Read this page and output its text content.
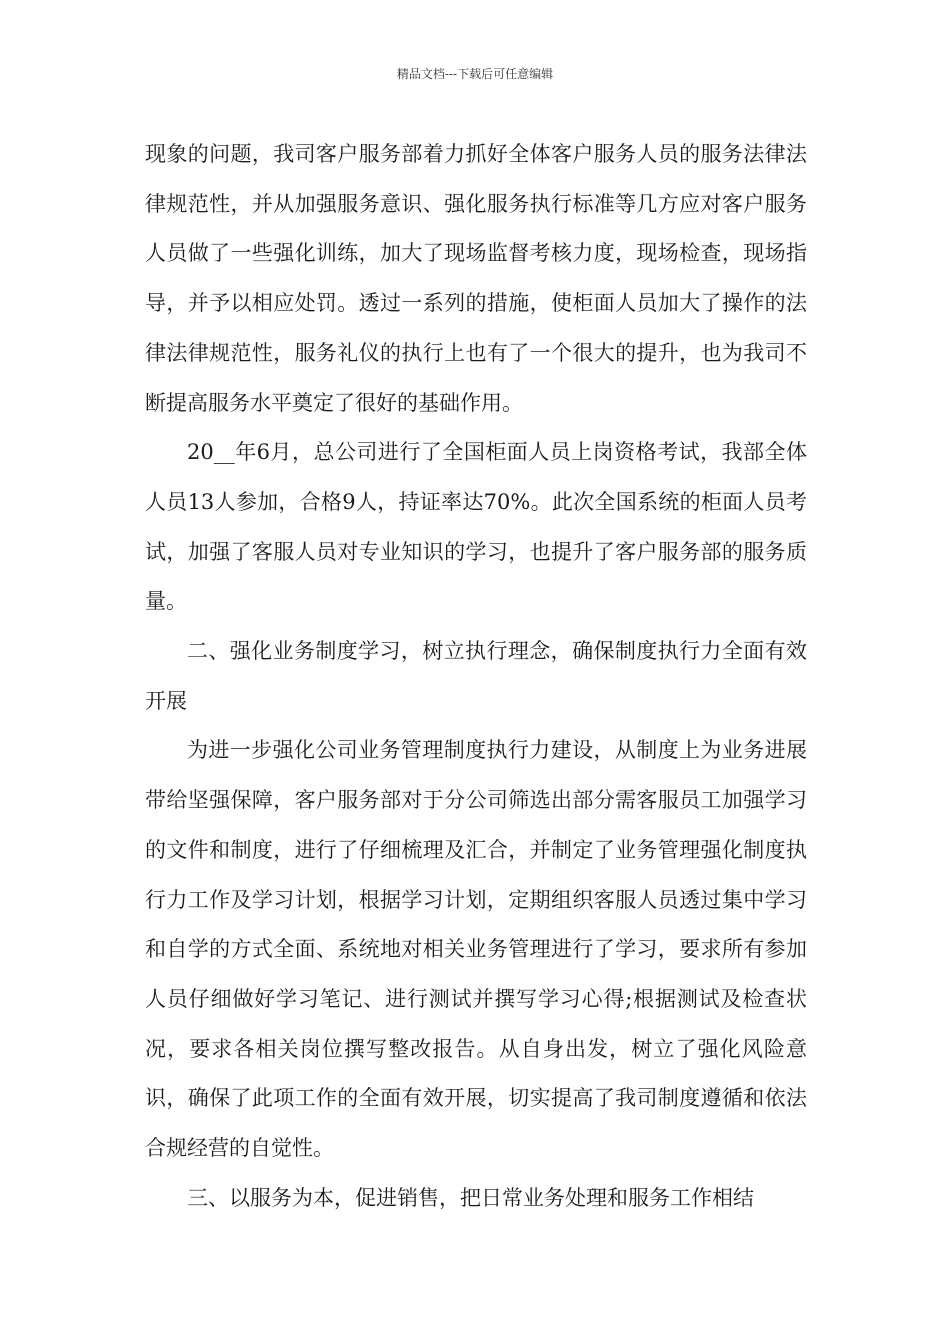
精品文档---下载后可任意编辑

现象的问题，我司客户服务部着力抓好全体客户服务人员的服务法律法律规范性，并从加强服务意识、强化服务执行标准等几方应对客户服务人员做了一些强化训练，加大了现场监督考核力度，现场检查，现场指导，并予以相应处罚。透过一系列的措施，使柜面人员加大了操作的法律法律规范性，服务礼仪的执行上也有了一个很大的提升，也为我司不断提高服务水平奠定了很好的基础作用。

20__年6月，总公司进行了全国柜面人员上岗资格考试，我部全体人员13人参加，合格9人，持证率达70%。此次全国系统的柜面人员考试，加强了客服人员对专业知识的学习，也提升了客户服务部的服务质量。

二、强化业务制度学习，树立执行理念，确保制度执行力全面有效开展

为进一步强化公司业务管理制度执行力建设，从制度上为业务进展带给坚强保障，客户服务部对于分公司筛选出部分需客服员工加强学习的文件和制度，进行了仔细梳理及汇合，并制定了业务管理强化制度执行力工作及学习计划，根据学习计划，定期组织客服人员透过集中学习和自学的方式全面、系统地对相关业务管理进行了学习，要求所有参加人员仔细做好学习笔记、进行测试并撰写学习心得;根据测试及检查状况，要求各相关岗位撰写整改报告。从自身出发，树立了强化风险意识，确保了此项工作的全面有效开展，切实提高了我司制度遵循和依法合规经营的自觉性。

三、以服务为本，促进销售，把日常业务处理和服务工作相结
